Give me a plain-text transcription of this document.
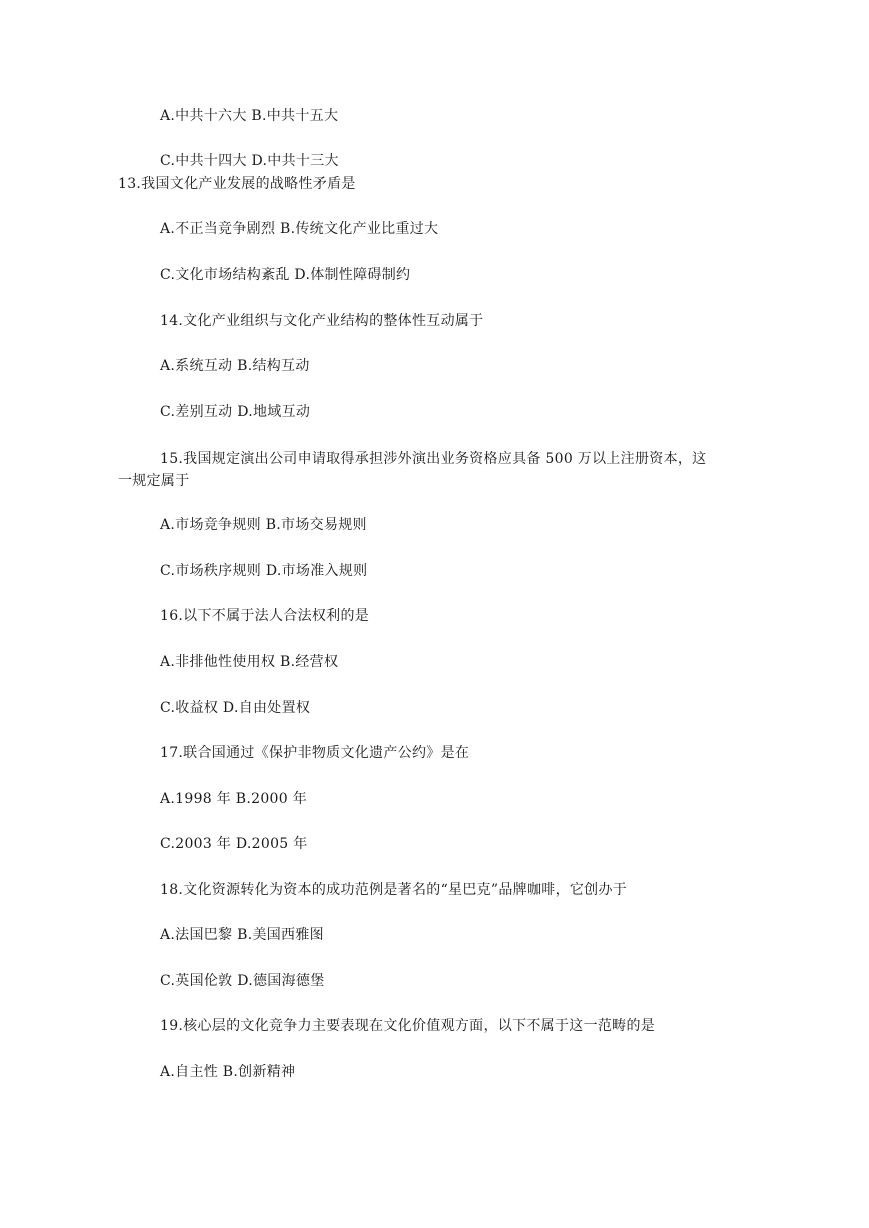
A.中共十六大 B.中共十五大
C.中共十四大 D.中共十三大
13.我国文化产业发展的战略性矛盾是
A.不正当竞争剧烈 B.传统文化产业比重过大
C.文化市场结构紊乱 D.体制性障碍制约
14.文化产业组织与文化产业结构的整体性互动属于
A.系统互动 B.结构互动
C.差别互动 D.地域互动
15.我国规定演出公司申请取得承担涉外演出业务资格应具备 500 万以上注册资本，这
一规定属于
A.市场竞争规则 B.市场交易规则
C.市场秩序规则 D.市场准入规则
16.以下不属于法人合法权利的是
A.非排他性使用权 B.经营权
C.收益权 D.自由处置权
17.联合国通过《保护非物质文化遗产公约》是在
A.1998 年 B.2000 年
C.2003 年 D.2005 年
18.文化资源转化为资本的成功范例是著名的“星巴克”品牌咖啡，它创办于
A.法国巴黎 B.美国西雅图
C.英国伦敦 D.德国海德堡
19.核心层的文化竞争力主要表现在文化价值观方面，以下不属于这一范畴的是
A.自主性 B.创新精神
